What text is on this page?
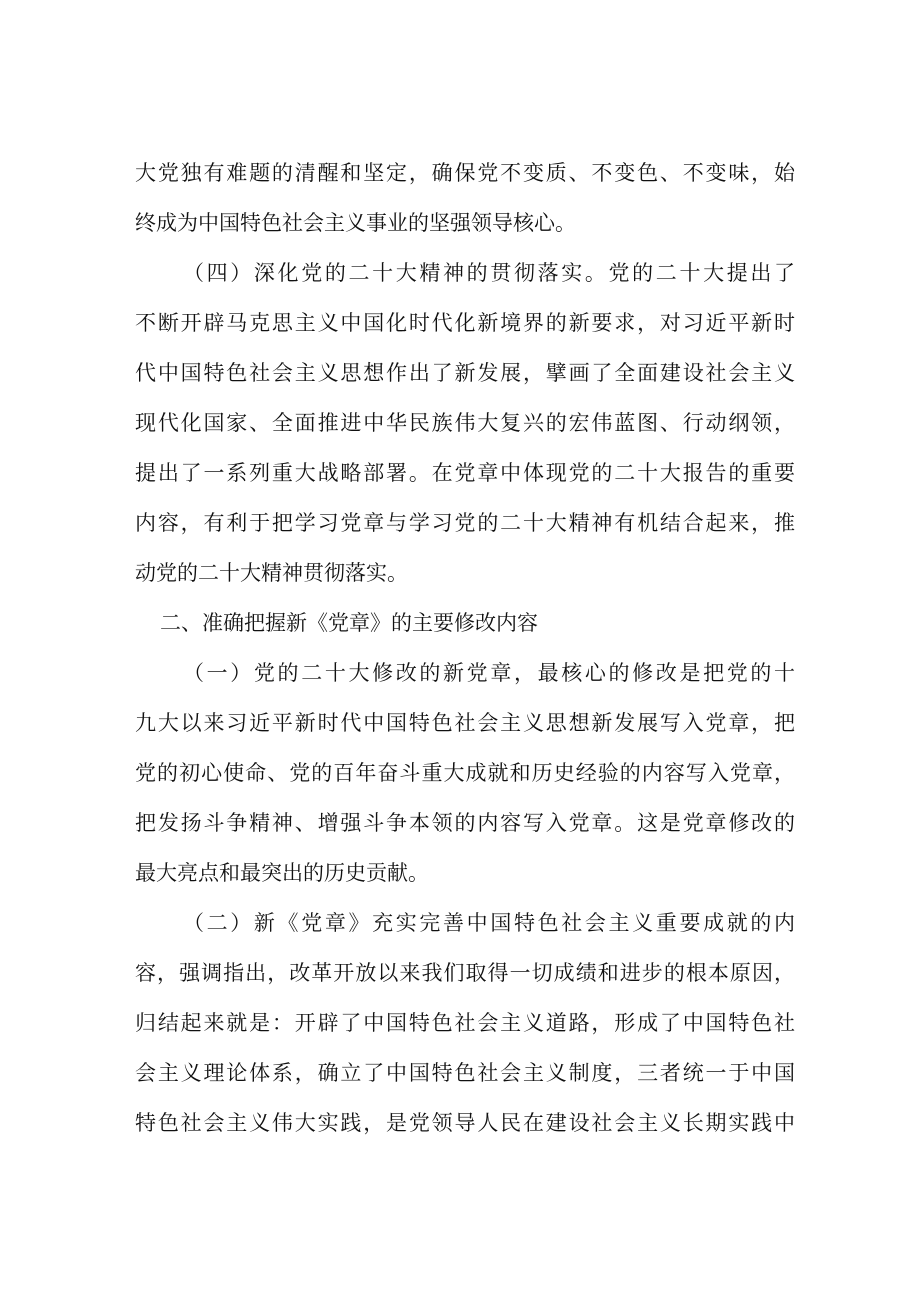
大党独有难题的清醒和坚定，确保党不变质、不变色、不变味，始
终成为中国特色社会主义事业的坚强领导核心。
（四）深化党的二十大精神的贯彻落实。党的二十大提出了
不断开辟马克思主义中国化时代化新境界的新要求，对习近平新时
代中国特色社会主义思想作出了新发展，擘画了全面建设社会主义
现代化国家、全面推进中华民族伟大复兴的宏伟蓝图、行动纲领，
提出了一系列重大战略部署。在党章中体现党的二十大报告的重要
内容，有利于把学习党章与学习党的二十大精神有机结合起来，推
动党的二十大精神贯彻落实。
二、准确把握新《党章》的主要修改内容
（一）党的二十大修改的新党章，最核心的修改是把党的十
九大以来习近平新时代中国特色社会主义思想新发展写入党章，把
党的初心使命、党的百年奋斗重大成就和历史经验的内容写入党章，
把发扬斗争精神、增强斗争本领的内容写入党章。这是党章修改的
最大亮点和最突出的历史贡献。
（二）新《党章》充实完善中国特色社会主义重要成就的内
容，强调指出，改革开放以来我们取得一切成绩和进步的根本原因，
归结起来就是：开辟了中国特色社会主义道路，形成了中国特色社
会主义理论体系，确立了中国特色社会主义制度，三者统一于中国
特色社会主义伟大实践，是党领导人民在建设社会主义长期实践中
